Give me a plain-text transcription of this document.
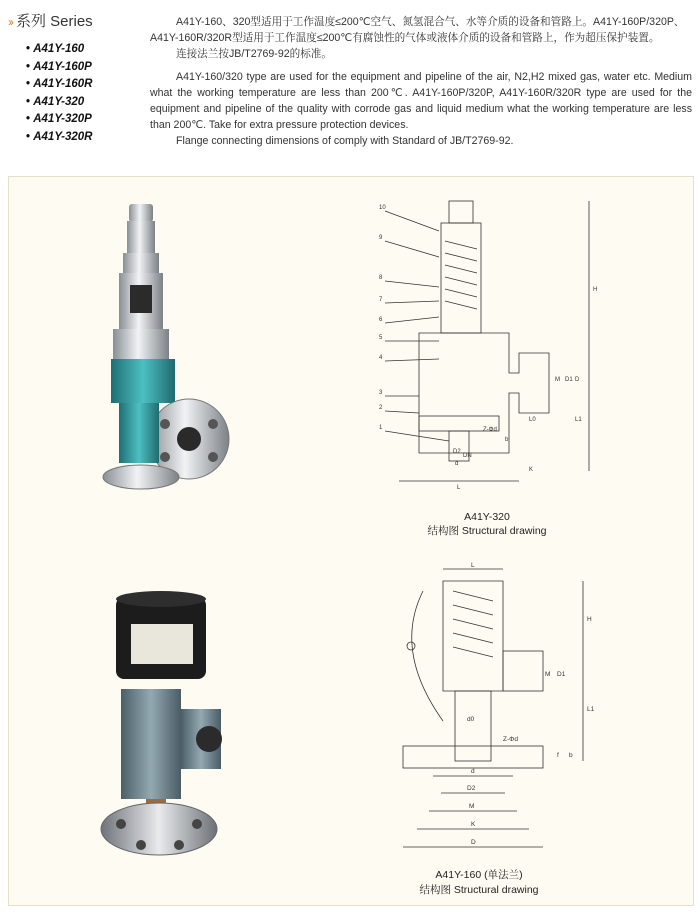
›› 系列 Series
• A41Y-160
• A41Y-160P
• A41Y-160R
• A41Y-320
• A41Y-320P
• A41Y-320R

A41Y-160、320型适用于工作温度≤200℃空气、氮氢混合气、水等介质的设备和管路上。A41Y-160P/320P、A41Y-160R/320R型适用于工作温度≤200℃有腐蚀性的气体或液体介质的设备和管路上，作为超压保护装置。

连接法兰按JB/T2769-92的标准。

A41Y-160/320 type are used for the equipment and pipeline of the air, N2,H2 mixed gas, water etc. Medium what the working temperature are less than 200℃. A41Y-160P/320P, A41Y-160R/320R type are used for the equipment and pipeline of the quality with corrode gas and liquid medium what the working temperature are less than 200℃. Take for extra pressure protection devices.

Flange connecting dimensions of comply with Standard of JB/T2769-92.

10
9
8
7
6
5
4
3
2
1
H
L1
L
D
D1
K
D2
M
DN
d
b
Z-Φd
L0
A41Y-320
结构图 Structural drawing
L
H
L1
M D1
d0
Z-Φd
f b
d
D2
M
K
D
A41Y-160 (单法兰)
结构图 Structural drawing
